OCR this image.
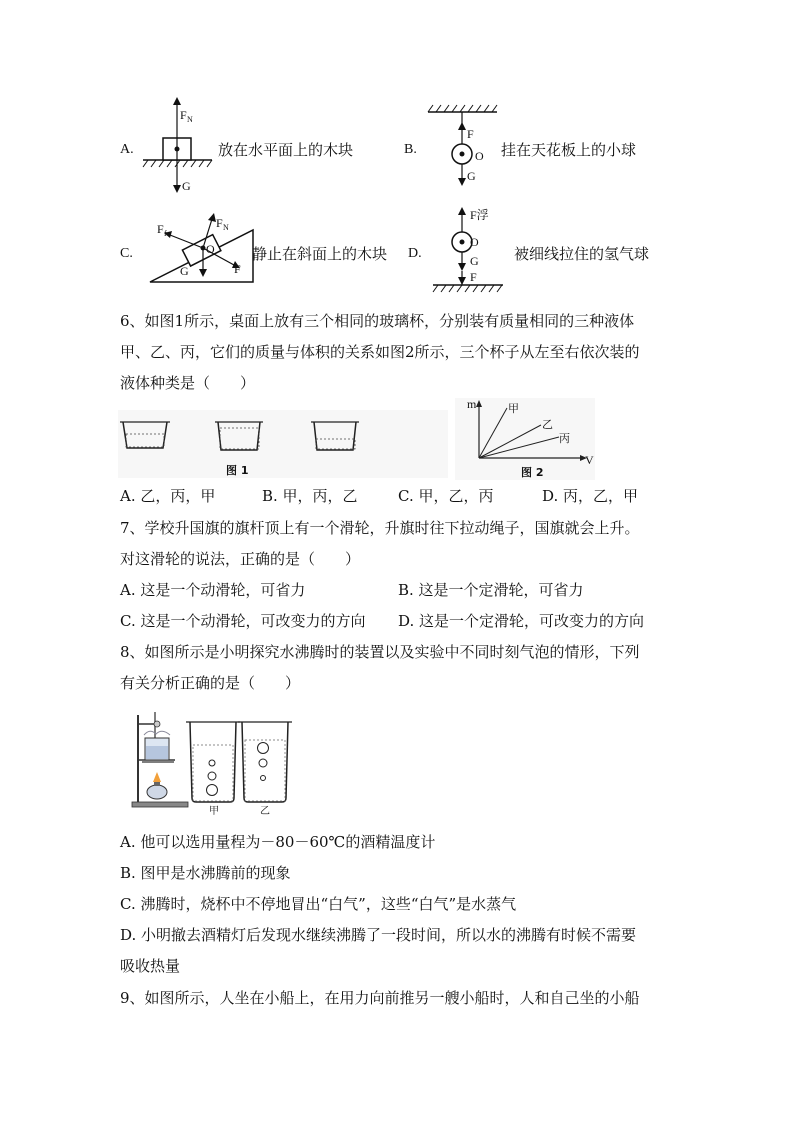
A.
F N
G
放在水平面上的木块	B.
F
O
G
挂在天花板上的小球
C.
F f
F N
O
G	F
静止在斜面上的木块 D.
F浮
O
G
F
被细线拉住的氢气球
6、如图1所示，桌面上放有三个相同的玻璃杯，分别装有质量相同的三种液体
甲、乙、丙，它们的质量与体积的关系如图2所示，三个杯子从左至右依次装的
液体种类是（　　）
图 1
m
V
甲
乙
丙
图 2
A. 乙，丙，甲	B. 甲，丙，乙	C. 甲，乙，丙	D. 丙，乙，甲
7、学校升国旗的旗杆顶上有一个滑轮，升旗时往下拉动绳子，国旗就会上升。
对这滑轮的说法，正确的是（　　）
A. 这是一个动滑轮，可省力	B. 这是一个定滑轮，可省力
C. 这是一个动滑轮，可改变力的方向 D. 这是一个定滑轮，可改变力的方向
8、如图所示是小明探究水沸腾时的装置以及实验中不同时刻气泡的情形，下列
有关分析正确的是（　　）
甲	乙
A. 他可以选用量程为－80－60℃的酒精温度计
B. 图甲是水沸腾前的现象
C. 沸腾时，烧杯中不停地冒出“白气”，这些“白气”是水蒸气
D. 小明撤去酒精灯后发现水继续沸腾了一段时间，所以水的沸腾有时候不需要
吸收热量
9、如图所示，人坐在小船上，在用力向前推另一艘小船时，人和自己坐的小船
